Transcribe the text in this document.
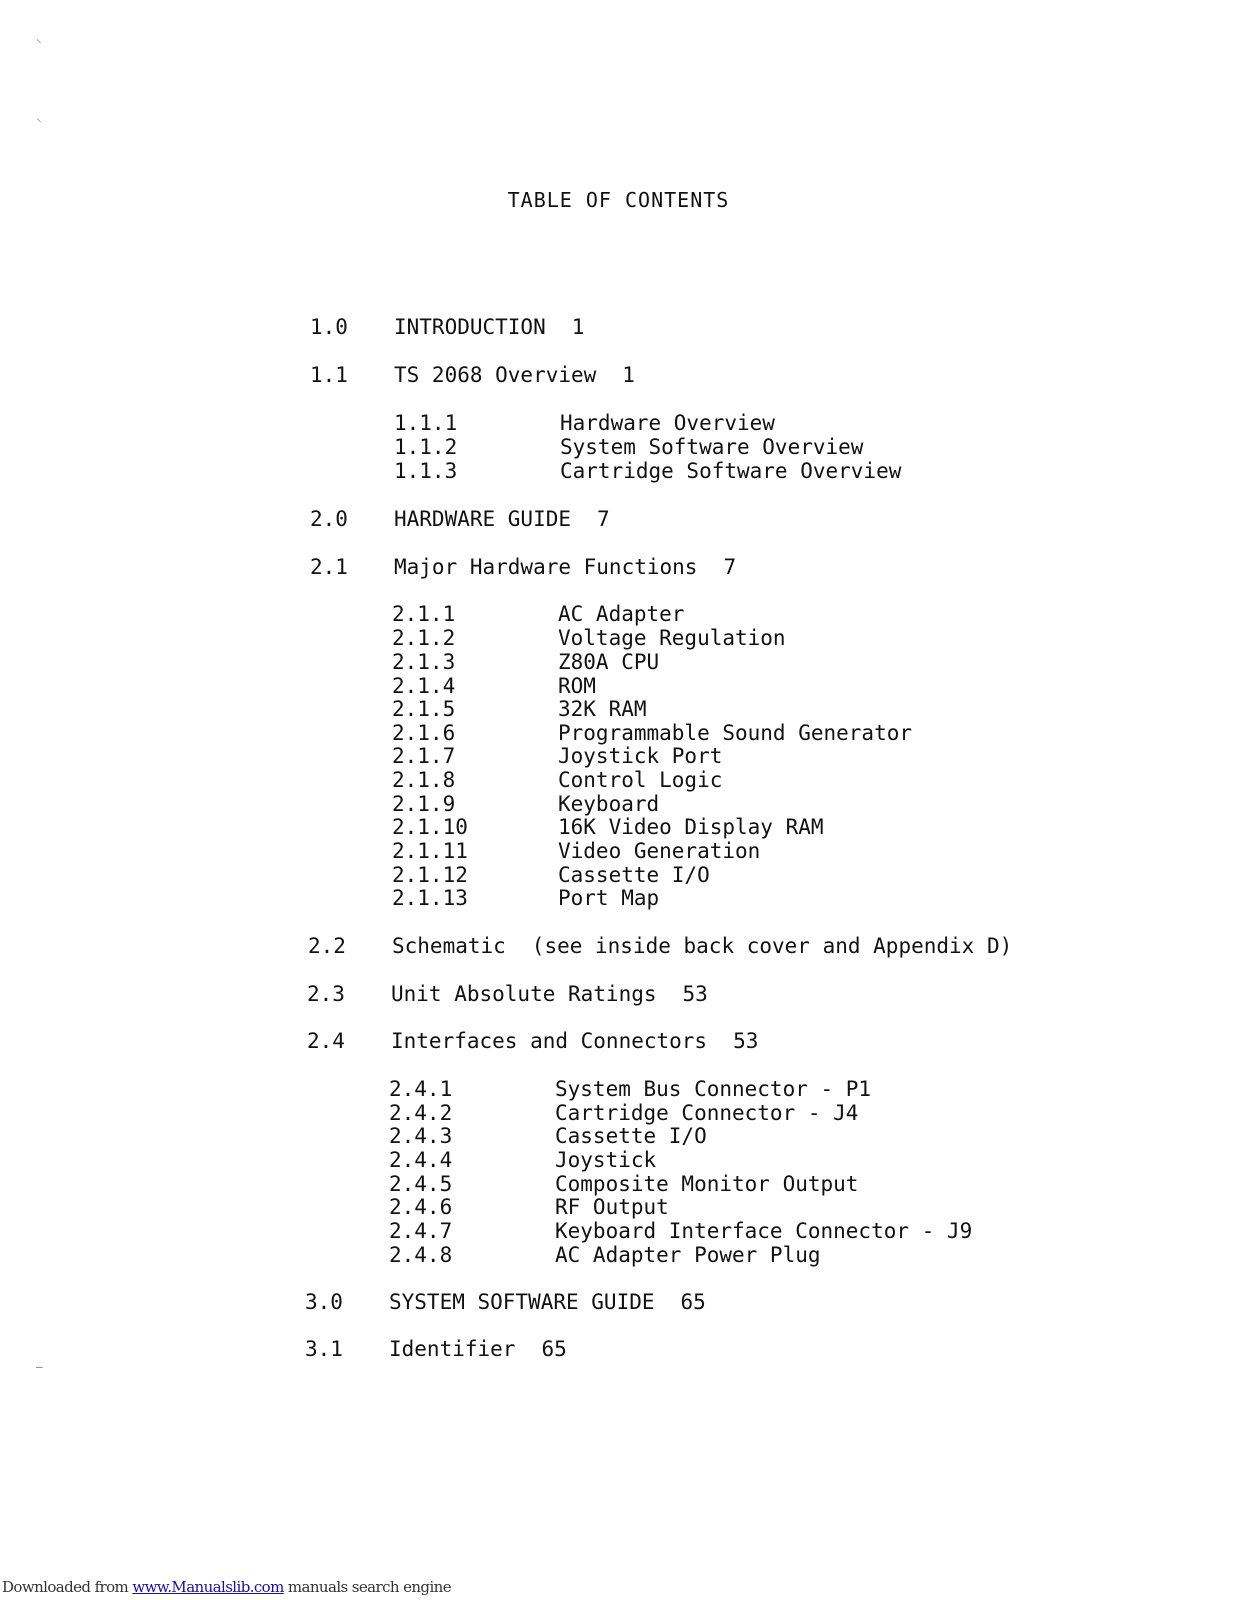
TABLE OF CONTENTS
1.0 INTRODUCTION 1
1.1 TS 2068 Overview 1
1.1.1	Hardware Overview
1.1.2	System Software Overview
1.1.3	Cartridge Software Overview
2.0 HARDWARE GUIDE 7
2.1 Major Hardware Functions 7
2.1.1	AC Adapter
2.1.2	Voltage Regulation
2.1.3	Z80A CPU
2.1.4	ROM
2.1.5	32K RAM
2.1.6	Programmable Sound Generator
2.1.7	Joystick Port
2.1.8	Control Logic
2.1.9	Keyboard
2.1.10	16K Video Display RAM
2.1.11	Video Generation
2.1.12	Cassette I/O
2.1.13	Port Map
2.2 Schematic (see inside back cover and Appendix D)
2.3 Unit Absolute Ratings 53
2.4 Interfaces and Connectors 53
2.4.1	System Bus Connector - P1
2.4.2	Cartridge Connector - J4
2.4.3	Cassette I/O
2.4.4	Joystick
2.4.5	Composite Monitor Output
2.4.6	RF Output
2.4.7	Keyboard Interface Connector - J9
2.4.8	AC Adapter Power Plug
3.0 SYSTEM SOFTWARE GUIDE 65
3.1 Identifier 65
⸌
⸌
—
Downloaded from www.Manualslib.com manuals search engine
